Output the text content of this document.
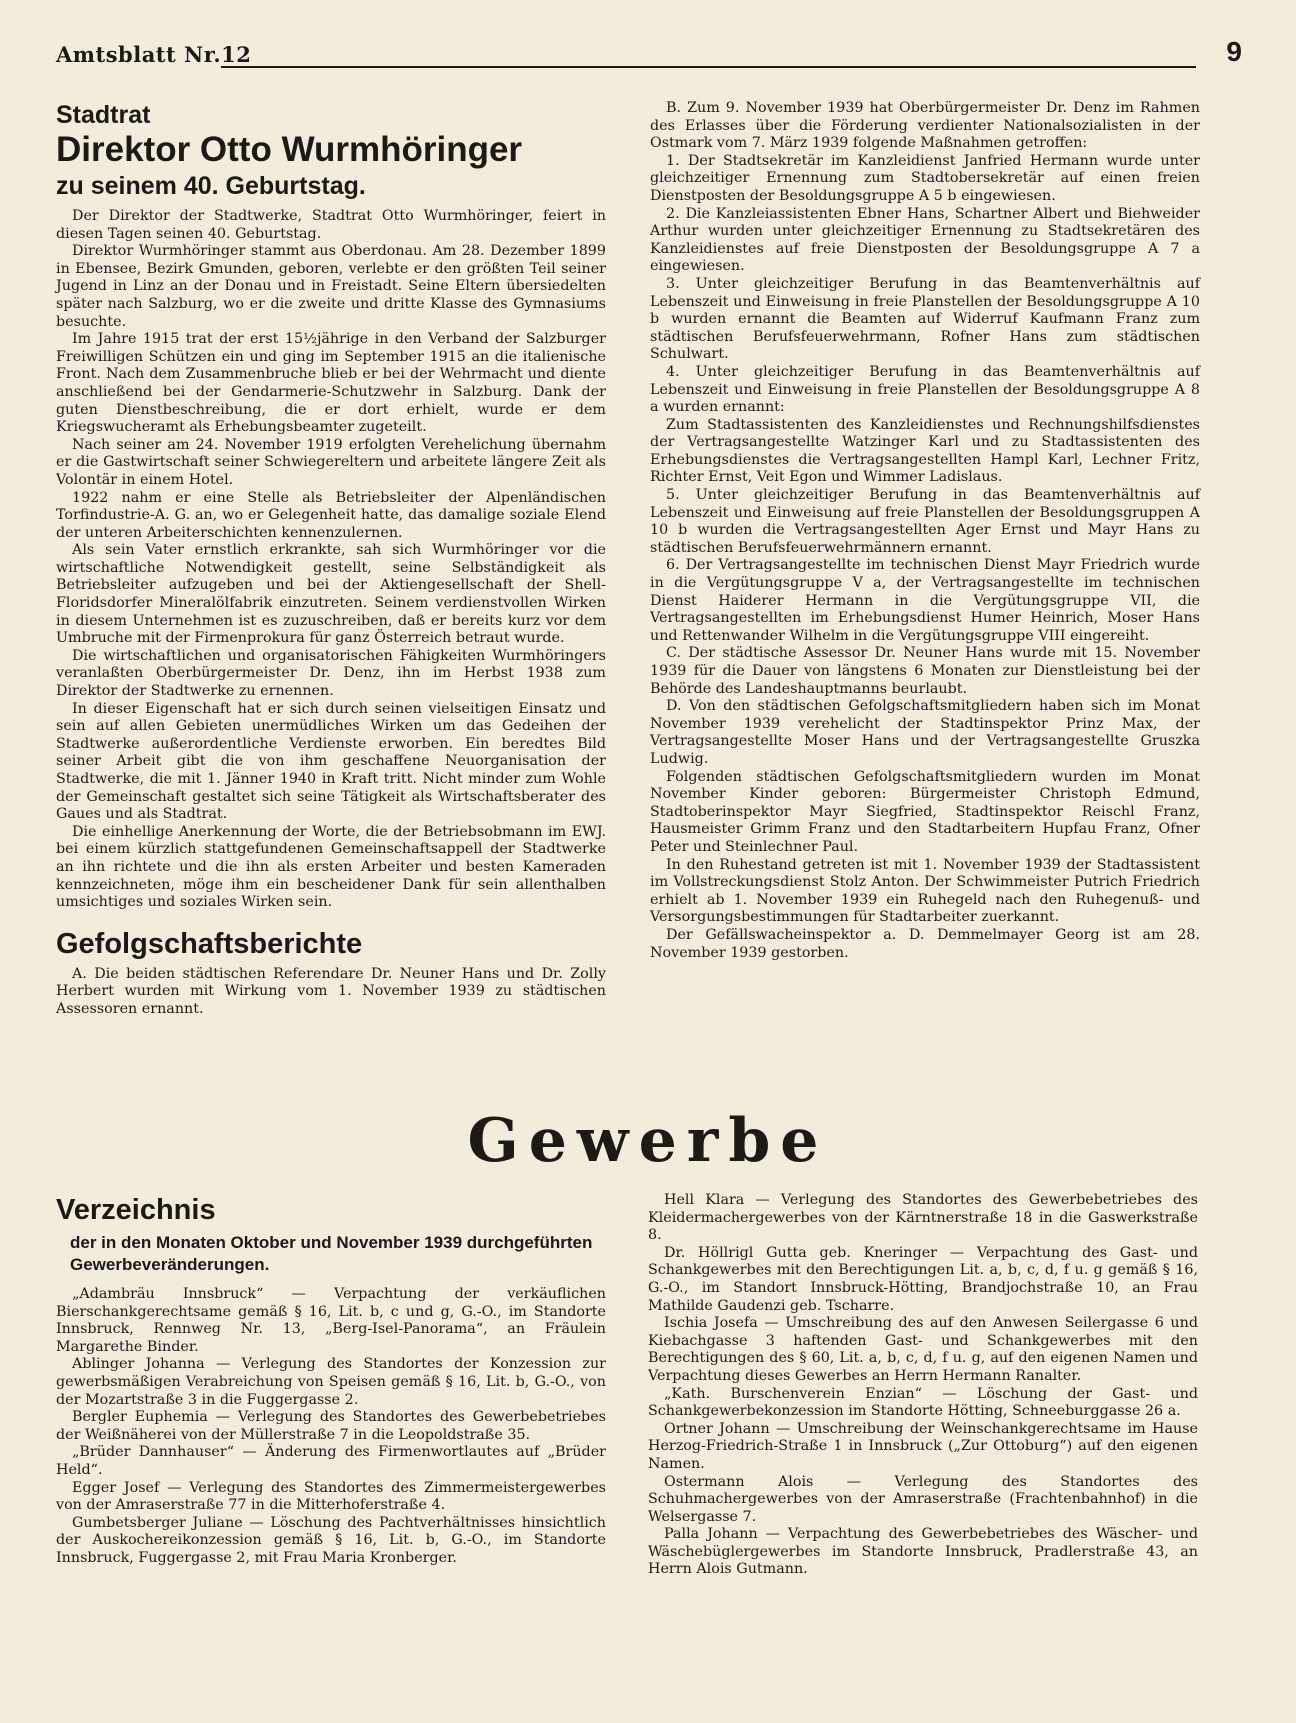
Amtsblatt Nr.12	9
Stadtrat
Direktor Otto Wurmhöringer
zu seinem 40. Geburtstag.

Der Direktor der Stadtwerke, Stadtrat Otto Wurmhöringer, feiert in diesen Tagen seinen 40. Geburtstag.

Direktor Wurmhöringer stammt aus Oberdonau. Am 28. Dezember 1899 in Ebensee, Bezirk Gmunden, geboren, verlebte er den größten Teil seiner Jugend in Linz an der Donau und in Freistadt. Seine Eltern übersiedelten später nach Salzburg, wo er die zweite und dritte Klasse des Gymnasiums besuchte.

Im Jahre 1915 trat der erst 15½jährige in den Verband der Salzburger Freiwilligen Schützen ein und ging im September 1915 an die italienische Front. Nach dem Zusammenbruche blieb er bei der Wehrmacht und diente anschließend bei der Gendarmerie-Schutzwehr in Salzburg. Dank der guten Dienstbeschreibung, die er dort erhielt, wurde er dem Kriegswucheramt als Erhebungsbeamter zugeteilt.

Nach seiner am 24. November 1919 erfolgten Verehelichung übernahm er die Gastwirtschaft seiner Schwiegereltern und arbeitete längere Zeit als Volontär in einem Hotel.

1922 nahm er eine Stelle als Betriebsleiter der Alpenländischen Torfindustrie-A. G. an, wo er Gelegenheit hatte, das damalige soziale Elend der unteren Arbeiterschichten kennenzulernen.

Als sein Vater ernstlich erkrankte, sah sich Wurmhöringer vor die wirtschaftliche Notwendigkeit gestellt, seine Selbständigkeit als Betriebsleiter aufzugeben und bei der Aktiengesellschaft der Shell-Floridsdorfer Mineralölfabrik einzutreten. Seinem verdienstvollen Wirken in diesem Unternehmen ist es zuzuschreiben, daß er bereits kurz vor dem Umbruche mit der Firmenprokura für ganz Österreich betraut wurde.

Die wirtschaftlichen und organisatorischen Fähigkeiten Wurmhöringers veranlaßten Oberbürgermeister Dr. Denz, ihn im Herbst 1938 zum Direktor der Stadtwerke zu ernennen.

In dieser Eigenschaft hat er sich durch seinen vielseitigen Einsatz und sein auf allen Gebieten unermüdliches Wirken um das Gedeihen der Stadtwerke außerordentliche Verdienste erworben. Ein beredtes Bild seiner Arbeit gibt die von ihm geschaffene Neuorganisation der Stadtwerke, die mit 1. Jänner 1940 in Kraft tritt. Nicht minder zum Wohle der Gemeinschaft gestaltet sich seine Tätigkeit als Wirtschaftsberater des Gaues und als Stadtrat.

Die einhellige Anerkennung der Worte, die der Betriebsobmann im EWJ. bei einem kürzlich stattgefundenen Gemeinschaftsappell der Stadtwerke an ihn richtete und die ihn als ersten Arbeiter und besten Kameraden kennzeichneten, möge ihm ein bescheidener Dank für sein allenthalben umsichtiges und soziales Wirken sein.

Gefolgschaftsberichte

A. Die beiden städtischen Referendare Dr. Neuner Hans und Dr. Zolly Herbert wurden mit Wirkung vom 1. November 1939 zu städtischen Assessoren ernannt.

B. Zum 9. November 1939 hat Oberbürgermeister Dr. Denz im Rahmen des Erlasses über die Förderung verdienter Nationalsozialisten in der Ostmark vom 7. März 1939 folgende Maßnahmen getroffen:

1. Der Stadtsekretär im Kanzleidienst Janfried Hermann wurde unter gleichzeitiger Ernennung zum Stadtobersekretär auf einen freien Dienstposten der Besoldungsgruppe A 5 b eingewiesen.

2. Die Kanzleiassistenten Ebner Hans, Schartner Albert und Biehweider Arthur wurden unter gleichzeitiger Ernennung zu Stadtsekretären des Kanzleidienstes auf freie Dienstposten der Besoldungsgruppe A 7 a eingewiesen.

3. Unter gleichzeitiger Berufung in das Beamtenverhältnis auf Lebenszeit und Einweisung in freie Planstellen der Besoldungsgruppe A 10 b wurden ernannt die Beamten auf Widerruf Kaufmann Franz zum städtischen Berufsfeuerwehrmann, Rofner Hans zum städtischen Schulwart.

4. Unter gleichzeitiger Berufung in das Beamtenverhältnis auf Lebenszeit und Einweisung in freie Planstellen der Besoldungsgruppe A 8 a wurden ernannt:

Zum Stadtassistenten des Kanzleidienstes und Rechnungshilfsdienstes der Vertragsangestellte Watzinger Karl und zu Stadtassistenten des Erhebungsdienstes die Vertragsangestellten Hampl Karl, Lechner Fritz, Richter Ernst, Veit Egon und Wimmer Ladislaus.

5. Unter gleichzeitiger Berufung in das Beamtenverhältnis auf Lebenszeit und Einweisung auf freie Planstellen der Besoldungsgruppen A 10 b wurden die Vertragsangestellten Ager Ernst und Mayr Hans zu städtischen Berufsfeuerwehrmännern ernannt.

6. Der Vertragsangestellte im technischen Dienst Mayr Friedrich wurde in die Vergütungsgruppe V a, der Vertragsangestellte im technischen Dienst Haiderer Hermann in die Vergütungsgruppe VII, die Vertragsangestellten im Erhebungsdienst Humer Heinrich, Moser Hans und Rettenwander Wilhelm in die Vergütungsgruppe VIII eingereiht.

C. Der städtische Assessor Dr. Neuner Hans wurde mit 15. November 1939 für die Dauer von längstens 6 Monaten zur Dienstleistung bei der Behörde des Landeshauptmanns beurlaubt.

D. Von den städtischen Gefolgschaftsmitgliedern haben sich im Monat November 1939 verehelicht der Stadtinspektor Prinz Max, der Vertragsangestellte Moser Hans und der Vertragsangestellte Gruszka Ludwig.

Folgenden städtischen Gefolgschaftsmitgliedern wurden im Monat November Kinder geboren: Bürgermeister Christoph Edmund, Stadtoberinspektor Mayr Siegfried, Stadtinspektor Reischl Franz, Hausmeister Grimm Franz und den Stadtarbeitern Hupfau Franz, Ofner Peter und Steinlechner Paul.

In den Ruhestand getreten ist mit 1. November 1939 der Stadtassistent im Vollstreckungsdienst Stolz Anton. Der Schwimmeister Putrich Friedrich erhielt ab 1. November 1939 ein Ruhegeld nach den Ruhegenuß- und Versorgungsbestimmungen für Stadtarbeiter zuerkannt.

Der Gefällswacheinspektor a. D. Demmelmayer Georg ist am 28. November 1939 gestorben.

Gewerbe
Verzeichnis
der in den Monaten Oktober und November 1939 durchgeführten Gewerbeveränderungen.

„Adambräu Innsbruck“ — Verpachtung der verkäuflichen Bierschankgerechtsame gemäß § 16, Lit. b, c und g, G.-O., im Standorte Innsbruck, Rennweg Nr. 13, „Berg-Isel-Panorama“, an Fräulein Margarethe Binder.

Ablinger Johanna — Verlegung des Standortes der Konzession zur gewerbsmäßigen Verabreichung von Speisen gemäß § 16, Lit. b, G.-O., von der Mozartstraße 3 in die Fuggergasse 2.

Bergler Euphemia — Verlegung des Standortes des Gewerbebetriebes der Weißnäherei von der Müllerstraße 7 in die Leopoldstraße 35.

„Brüder Dannhauser“ — Änderung des Firmenwortlautes auf „Brüder Held“.

Egger Josef — Verlegung des Standortes des Zimmermeistergewerbes von der Amraserstraße 77 in die Mitterhoferstraße 4.

Gumbetsberger Juliane — Löschung des Pachtverhältnisses hinsichtlich der Auskochereikonzession gemäß § 16, Lit. b, G.-O., im Standorte Innsbruck, Fuggergasse 2, mit Frau Maria Kronberger.

Hell Klara — Verlegung des Standortes des Gewerbebetriebes des Kleidermachergewerbes von der Kärntnerstraße 18 in die Gaswerkstraße 8.

Dr. Höllrigl Gutta geb. Kneringer — Verpachtung des Gast- und Schankgewerbes mit den Berechtigungen Lit. a, b, c, d, f u. g gemäß § 16, G.-O., im Standort Innsbruck-Hötting, Brandjochstraße 10, an Frau Mathilde Gaudenzi geb. Tscharre.

Ischia Josefa — Umschreibung des auf den Anwesen Seilergasse 6 und Kiebachgasse 3 haftenden Gast- und Schankgewerbes mit den Berechtigungen des § 60, Lit. a, b, c, d, f u. g, auf den eigenen Namen und Verpachtung dieses Gewerbes an Herrn Hermann Ranalter.

„Kath. Burschenverein Enzian“ — Löschung der Gast- und Schankgewerbekonzession im Standorte Hötting, Schneeburggasse 26 a.

Ortner Johann — Umschreibung der Weinschankgerechtsame im Hause Herzog-Friedrich-Straße 1 in Innsbruck („Zur Ottoburg“) auf den eigenen Namen.

Ostermann Alois — Verlegung des Standortes des Schuhmachergewerbes von der Amraserstraße (Frachtenbahnhof) in die Welsergasse 7.

Palla Johann — Verpachtung des Gewerbebetriebes des Wäscher- und Wäschebüglergewerbes im Standorte Innsbruck, Pradlerstraße 43, an Herrn Alois Gutmann.
